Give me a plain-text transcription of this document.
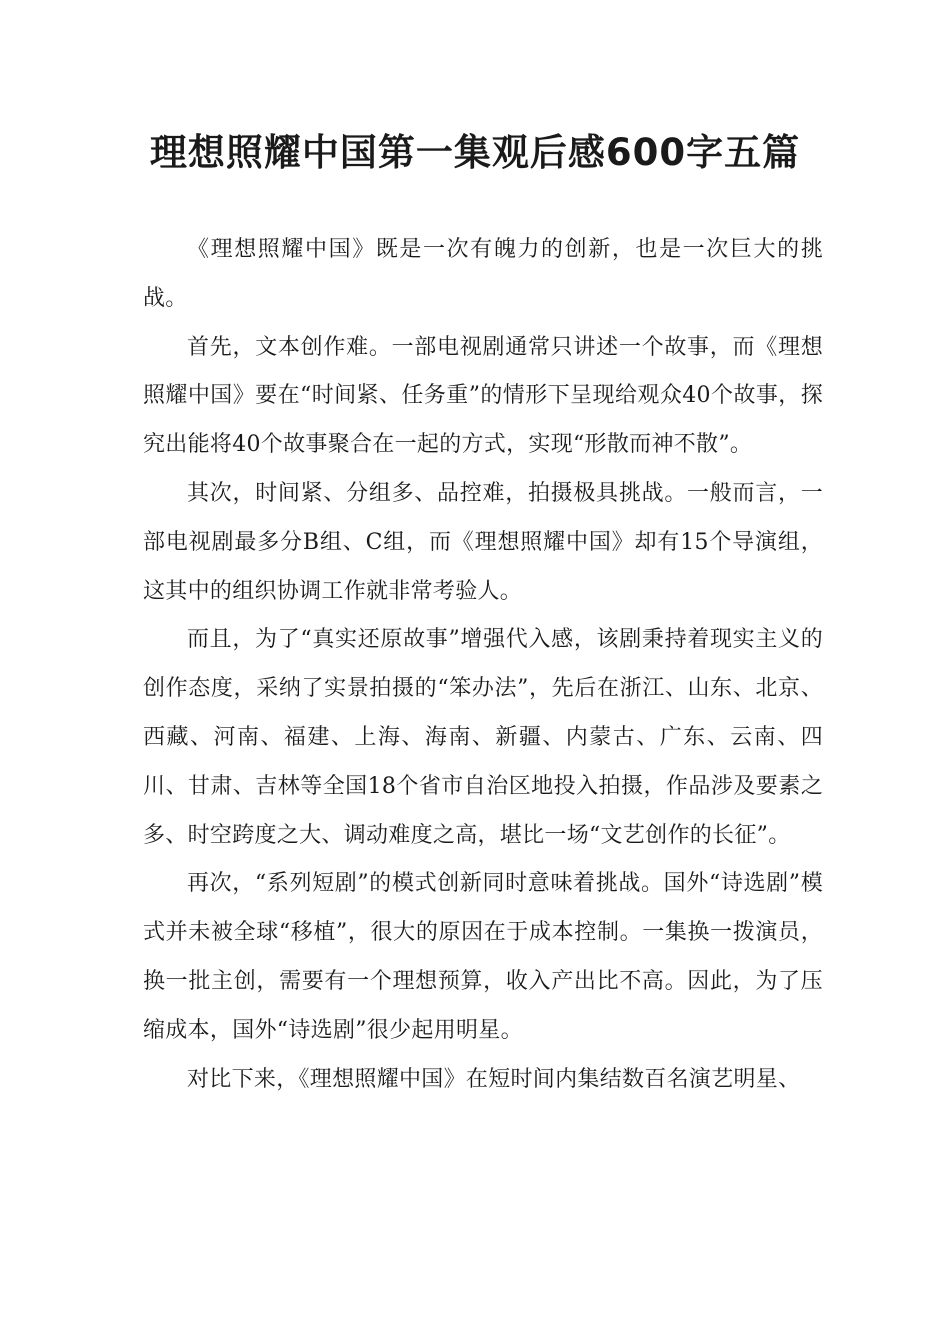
理想照耀中国第一集观后感600字五篇

《理想照耀中国》既是一次有魄力的创新，也是一次巨大的挑战。

首先，文本创作难。一部电视剧通常只讲述一个故事，而《理想照耀中国》要在“时间紧、任务重”的情形下呈现给观众40个故事，探究出能将40个故事聚合在一起的方式，实现“形散而神不散”。

其次，时间紧、分组多、品控难，拍摄极具挑战。一般而言，一部电视剧最多分B组、C组，而《理想照耀中国》却有15个导演组，这其中的组织协调工作就非常考验人。

而且，为了“真实还原故事”增强代入感，该剧秉持着现实主义的创作态度，采纳了实景拍摄的“笨办法”，先后在浙江、山东、北京、西藏、河南、福建、上海、海南、新疆、内蒙古、广东、云南、四川、甘肃、吉林等全国18个省市自治区地投入拍摄，作品涉及要素之多、时空跨度之大、调动难度之高，堪比一场“文艺创作的长征”。

再次，“系列短剧”的模式创新同时意味着挑战。国外“诗选剧”模式并未被全球“移植”，很大的原因在于成本控制。一集换一拨演员，换一批主创，需要有一个理想预算，收入产出比不高。因此，为了压缩成本，国外“诗选剧”很少起用明星。

对比下来，《理想照耀中国》在短时间内集结数百名演艺明星、
